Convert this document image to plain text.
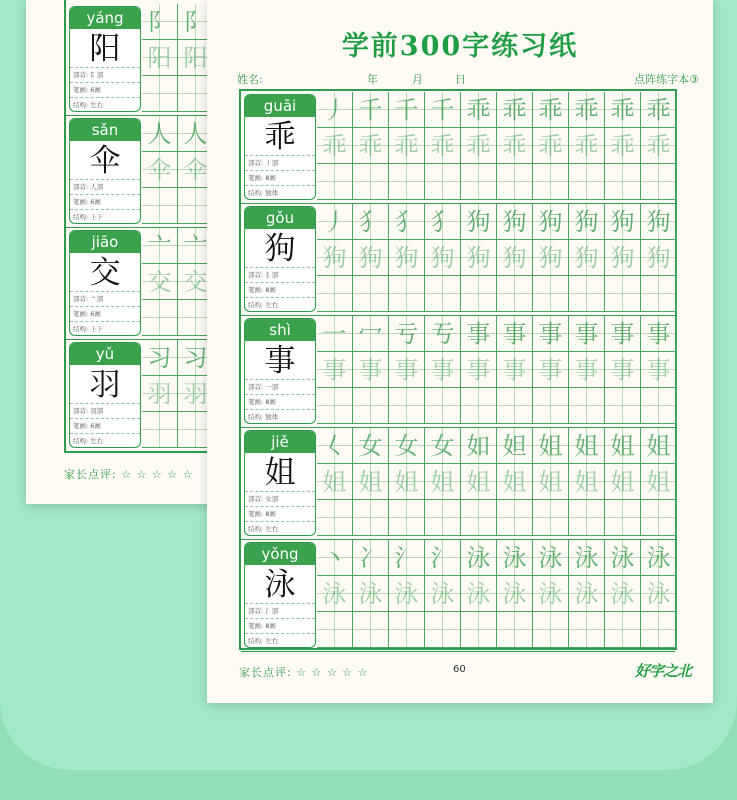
yáng
阳
部首: 阝部
笔画: 6画
结构: 左右
阝 阝
阳 阳
sǎn
伞
部首: 人部
笔画: 6画
结构: 上下
人 人
伞 伞
jiāo
交
部首: 亠部
笔画: 6画
结构: 上下
亠 亠
交 交
yǔ
羽
部首: 羽部
笔画: 6画
结构: 左右
习 习
羽 羽
家长点评: ☆ ☆ ☆ ☆ ☆
学前300字练习纸
姓名:	年	月	日	点阵练字本③
guāi
乖
部首: 丿部
笔画: 8画
结构: 独体
丿 千 千 千 乖 乖 乖 乖 乖 乖
乖 乖 乖 乖 乖 乖 乖 乖 乖 乖
gǒu
狗
部首: 犭部
笔画: 8画
结构: 左右
丿 犭 犭 犭 狗 狗 狗 狗 狗 狗
狗 狗 狗 狗 狗 狗 狗 狗 狗 狗
shì
事
部首: 一部
笔画: 8画
结构: 独体
一 冖 亏 亐 事 事 事 事 事 事
事 事 事 事 事 事 事 事 事 事
jiě
姐
部首: 女部
笔画: 8画
结构: 左右
𡿨 女 女 女 如 妲 姐 姐 姐 姐
姐 姐 姐 姐 姐 姐 姐 姐 姐 姐
yǒng
泳
部首: 氵部
笔画: 8画
结构: 左右
丶 冫 氵 氵 泳 泳 泳 泳 泳 泳
泳 泳 泳 泳 泳 泳 泳 泳 泳 泳
家长点评: ☆ ☆ ☆ ☆ ☆	60	好字之北
